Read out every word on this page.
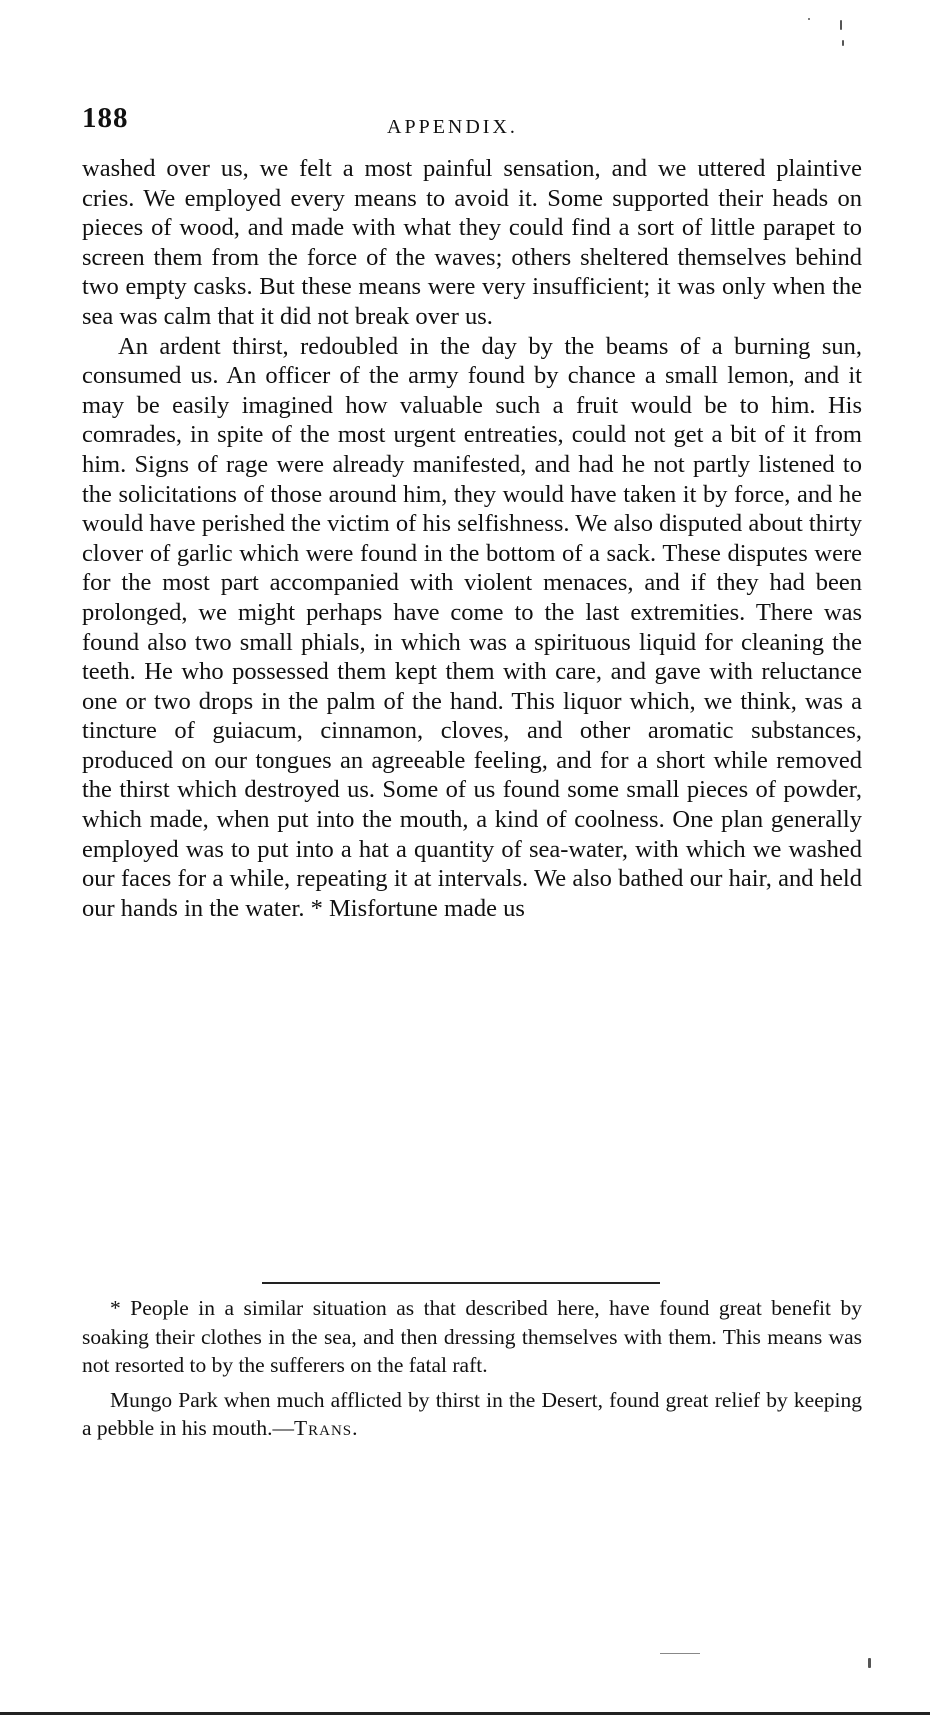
188	APPENDIX.

washed over us, we felt a most painful sensation, and we uttered plaintive cries. We employed every means to avoid it. Some supported their heads on pieces of wood, and made with what they could find a sort of little parapet to screen them from the force of the waves; others sheltered themselves behind two empty casks. But these means were very insufficient; it was only when the sea was calm that it did not break over us.

An ardent thirst, redoubled in the day by the beams of a burning sun, consumed us. An officer of the army found by chance a small lemon, and it may be easily imagined how valuable such a fruit would be to him. His comrades, in spite of the most urgent entreaties, could not get a bit of it from him. Signs of rage were already manifested, and had he not partly listened to the solicitations of those around him, they would have taken it by force, and he would have perished the victim of his selfishness. We also disputed about thirty clover of garlic which were found in the bottom of a sack. These disputes were for the most part accompanied with violent menaces, and if they had been prolonged, we might perhaps have come to the last extremities. There was found also two small phials, in which was a spirituous liquid for cleaning the teeth. He who possessed them kept them with care, and gave with reluctance one or two drops in the palm of the hand. This liquor which, we think, was a tincture of guiacum, cinnamon, cloves, and other aromatic substances, produced on our tongues an agreeable feeling, and for a short while removed the thirst which destroyed us. Some of us found some small pieces of powder, which made, when put into the mouth, a kind of coolness. One plan generally employed was to put into a hat a quantity of sea-water, with which we washed our faces for a while, repeating it at intervals. We also bathed our hair, and held our hands in the water. * Misfortune made us

* People in a similar situation as that described here, have found great benefit by soaking their clothes in the sea, and then dressing themselves with them. This means was not resorted to by the sufferers on the fatal raft.

Mungo Park when much afflicted by thirst in the Desert, found great relief by keeping a pebble in his mouth.—Trans.
